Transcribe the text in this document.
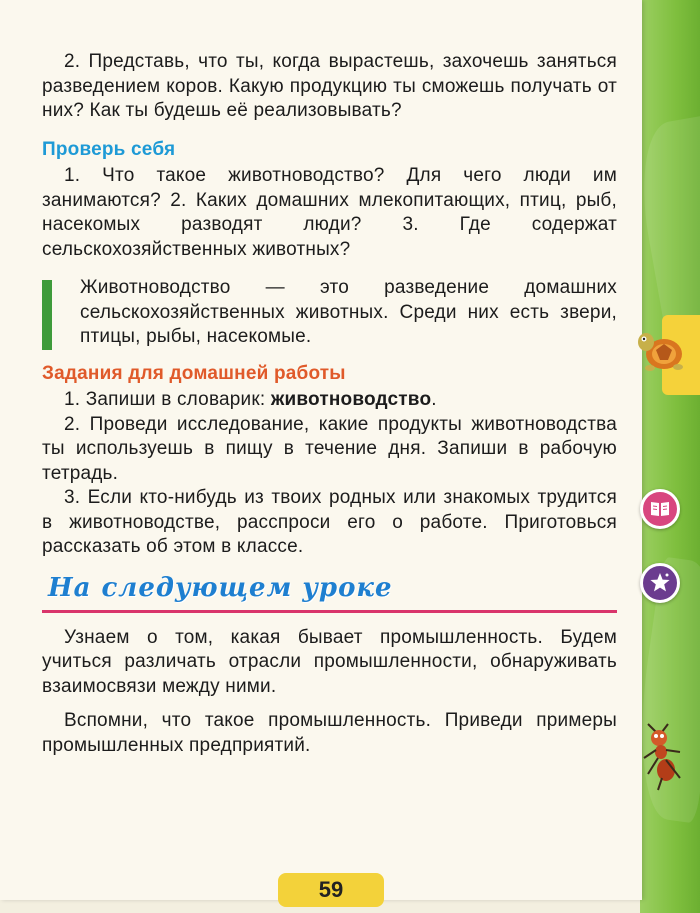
2. Представь, что ты, когда вырастешь, захочешь заняться разведением коров. Какую продукцию ты сможешь получать от них? Как ты будешь её реализовывать?

Проверь себя

1. Что такое животноводство? Для чего люди им занимаются? 2. Каких домашних млекопитающих, птиц, рыб, насекомых разводят люди? 3. Где содержат сельскохозяйственных животных?

Животноводство — это разведение домашних сельскохозяйственных животных. Среди них есть звери, птицы, рыбы, насекомые.
Задания для домашней работы

1. Запиши в словарик: животноводство.

2. Проведи исследование, какие продукты животноводства ты используешь в пищу в течение дня. Запиши в рабочую тетрадь.

3. Если кто-нибудь из твоих родных или знакомых трудится в животноводстве, расспроси его о работе. Приготовься рассказать об этом в классе.

На следующем уроке

Узнаем о том, какая бывает промышленность. Будем учиться различать отрасли промышленности, обнаруживать взаимосвязи между ними.

Вспомни, что такое промышленность. Приведи примеры промышленных предприятий.

59
